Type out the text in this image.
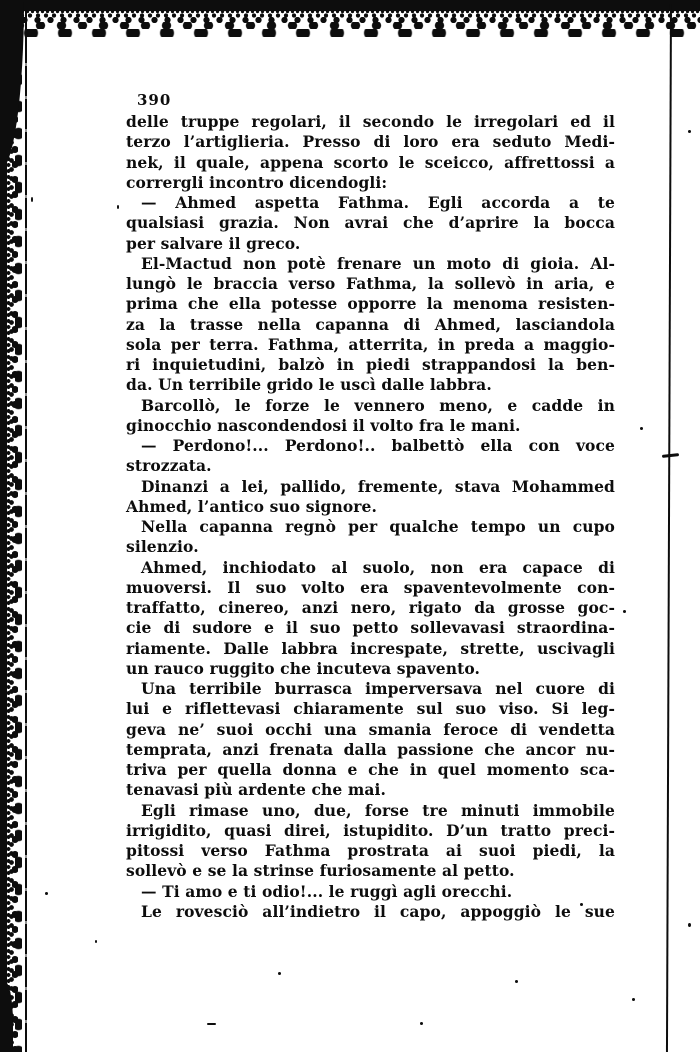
390
delle truppe regolari, il secondo le irregolari ed il
terzo l’artiglieria. Presso di loro era seduto Medi-
nek, il quale, appena scorto le sceicco, affrettossi a
corrergli incontro dicendogli:
— Ahmed aspetta Fathma. Egli accorda a te
qualsiasi grazia. Non avrai che d’aprire la bocca
per salvare il greco.
El-Mactud non potè frenare un moto di gioia. Al-
lungò le braccia verso Fathma, la sollevò in aria, e
prima che ella potesse opporre la menoma resisten-
za la trasse nella capanna di Ahmed, lasciandola
sola per terra. Fathma, atterrita, in preda a maggio-
ri inquietudini, balzò in piedi strappandosi la ben-
da. Un terribile grido le uscì dalle labbra.
Barcollò, le forze le vennero meno, e cadde in
ginocchio nascondendosi il volto fra le mani.
— Perdono!... Perdono!.. balbettò ella con voce
strozzata.
Dinanzi a lei, pallido, fremente, stava Mohammed
Ahmed, l’antico suo signore.
Nella capanna regnò per qualche tempo un cupo
silenzio.
Ahmed, inchiodato al suolo, non era capace di
muoversi. Il suo volto era spaventevolmente con-
traffatto, cinereo, anzi nero, rigato da grosse goc-
cie di sudore e il suo petto sollevavasi straordina-
riamente. Dalle labbra increspate, strette, uscivagli
un rauco ruggito che incuteva spavento.
Una terribile burrasca imperversava nel cuore di
lui e riflettevasi chiaramente sul suo viso. Si leg-
geva ne’ suoi occhi una smania feroce di vendetta
temprata, anzi frenata dalla passione che ancor nu-
triva per quella donna e che in quel momento sca-
tenavasi più ardente che mai.
Egli rimase uno, due, forse tre minuti immobile
irrigidito, quasi direi, istupidito. D’un tratto preci-
pitossi verso Fathma prostrata ai suoi piedi, la
sollevò e se la strinse furiosamente al petto.
— Ti amo e ti odio!... le ruggì agli orecchi.
Le rovesciò all’indietro il capo, appoggiò le sue
